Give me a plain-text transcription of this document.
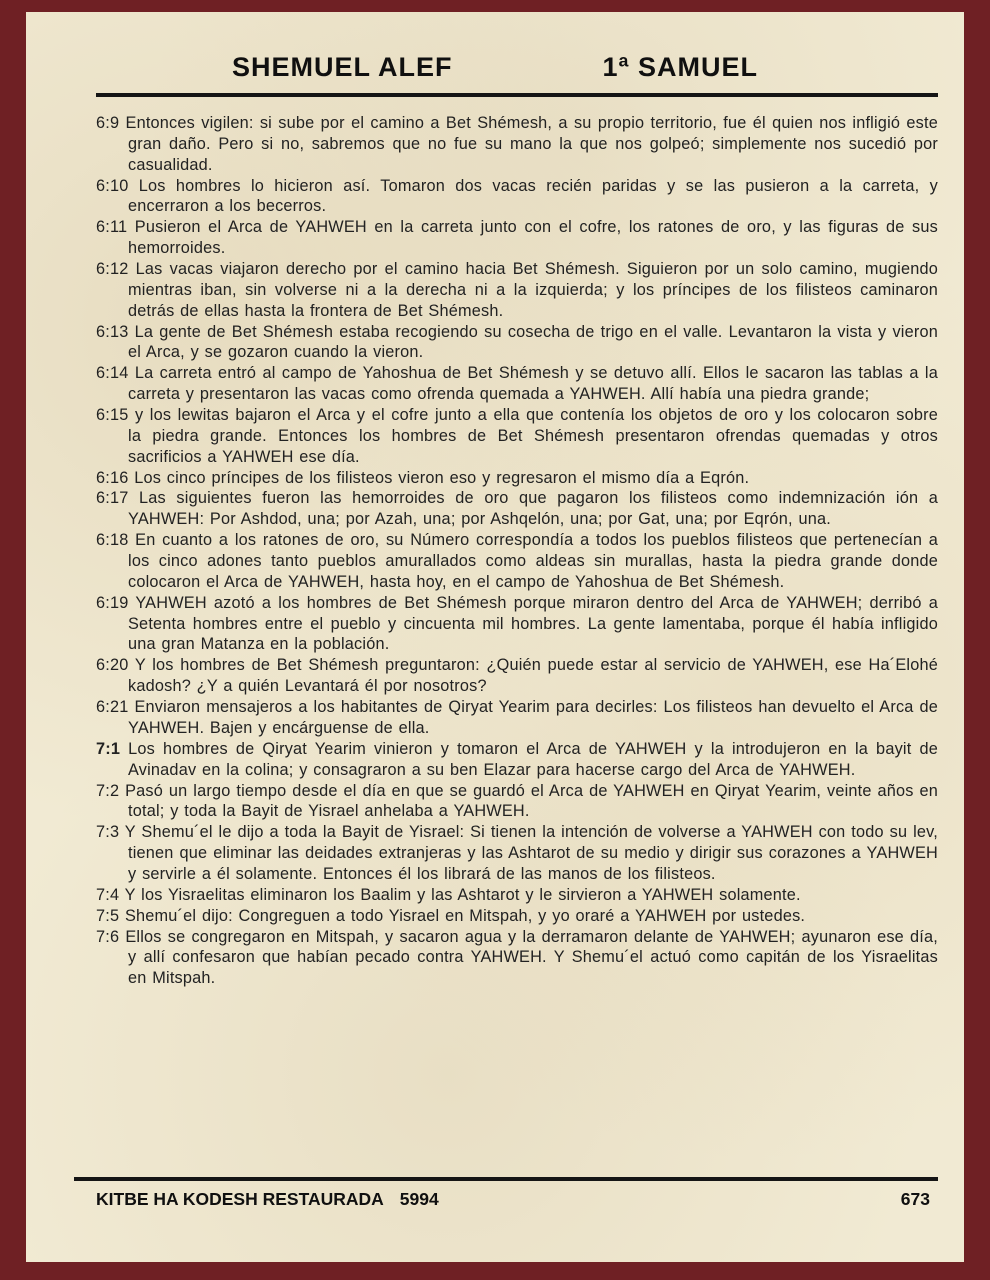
SHEMUEL ALEF	1ª SAMUEL

6:9 Entonces vigilen: si sube por el camino a Bet Shémesh, a su propio territorio, fue él quien nos infligió este gran daño. Pero si no, sabremos que no fue su mano la que nos golpeó; simplemente nos sucedió por casualidad.

6:10 Los hombres lo hicieron así. Tomaron dos vacas recién paridas y se las pusieron a la carreta, y encerraron a los becerros.

6:11 Pusieron el Arca de YAHWEH en la carreta junto con el cofre, los ratones de oro, y las figuras de sus hemorroides.

6:12 Las vacas viajaron derecho por el camino hacia Bet Shémesh. Siguieron por un solo camino, mugiendo mientras iban, sin volverse ni a la derecha ni a la izquierda; y los príncipes de los filisteos caminaron detrás de ellas hasta la frontera de Bet Shémesh.

6:13 La gente de Bet Shémesh estaba recogiendo su cosecha de trigo en el valle. Levantaron la vista y vieron el Arca, y se gozaron cuando la vieron.

6:14 La carreta entró al campo de Yahoshua de Bet Shémesh y se detuvo allí. Ellos le sacaron las tablas a la carreta y presentaron las vacas como ofrenda quemada a YAHWEH. Allí había una piedra grande;

6:15 y los lewitas bajaron el Arca y el cofre junto a ella que contenía los objetos de oro y los colocaron sobre la piedra grande. Entonces los hombres de Bet Shémesh presentaron ofrendas quemadas y otros sacrificios a YAHWEH ese día.

6:16 Los cinco príncipes de los filisteos vieron eso y regresaron el mismo día a Eqrón.

6:17 Las siguientes fueron las hemorroides de oro que pagaron los filisteos como indemnización ión a YAHWEH: Por Ashdod, una; por Azah, una; por Ashqelón, una; por Gat, una; por Eqrón, una.

6:18 En cuanto a los ratones de oro, su Número correspondía a todos los pueblos filisteos que pertenecían a los cinco adones tanto pueblos amurallados como aldeas sin murallas, hasta la piedra grande donde colocaron el Arca de YAHWEH, hasta hoy, en el campo de Yahoshua de Bet Shémesh.

6:19 YAHWEH azotó a los hombres de Bet Shémesh porque miraron dentro del Arca de YAHWEH; derribó a Setenta hombres entre el pueblo y cincuenta mil hombres. La gente lamentaba, porque él había infligido una gran Matanza en la población.

6:20 Y los hombres de Bet Shémesh preguntaron: ¿Quién puede estar al servicio de YAHWEH, ese Ha´Elohé kadosh? ¿Y a quién Levantará él por nosotros?

6:21 Enviaron mensajeros a los habitantes de Qiryat Yearim para decirles: Los filisteos han devuelto el Arca de YAHWEH. Bajen y encárguense de ella.

7:1 Los hombres de Qiryat Yearim vinieron y tomaron el Arca de YAHWEH y la introdujeron en la bayit de Avinadav en la colina; y consagraron a su ben Elazar para hacerse cargo del Arca de YAHWEH.

7:2 Pasó un largo tiempo desde el día en que se guardó el Arca de YAHWEH en Qiryat Yearim, veinte años en total; y toda la Bayit de Yisrael anhelaba a YAHWEH.

7:3 Y Shemu´el le dijo a toda la Bayit de Yisrael: Si tienen la intención de volverse a YAHWEH con todo su lev, tienen que eliminar las deidades extranjeras y las Ashtarot de su medio y dirigir sus corazones a YAHWEH y servirle a él solamente. Entonces él los librará de las manos de los filisteos.

7:4 Y los Yisraelitas eliminaron los Baalim y las Ashtarot y le sirvieron a YAHWEH solamente.

7:5 Shemu´el dijo: Congreguen a todo Yisrael en Mitspah, y yo oraré a YAHWEH por ustedes.

7:6 Ellos se congregaron en Mitspah, y sacaron agua y la derramaron delante de YAHWEH; ayunaron ese día, y allí confesaron que habían pecado contra YAHWEH. Y Shemu´el actuó como capitán de los Yisraelitas en Mitspah.

KITBE HA KODESH RESTAURADA 5994	673
